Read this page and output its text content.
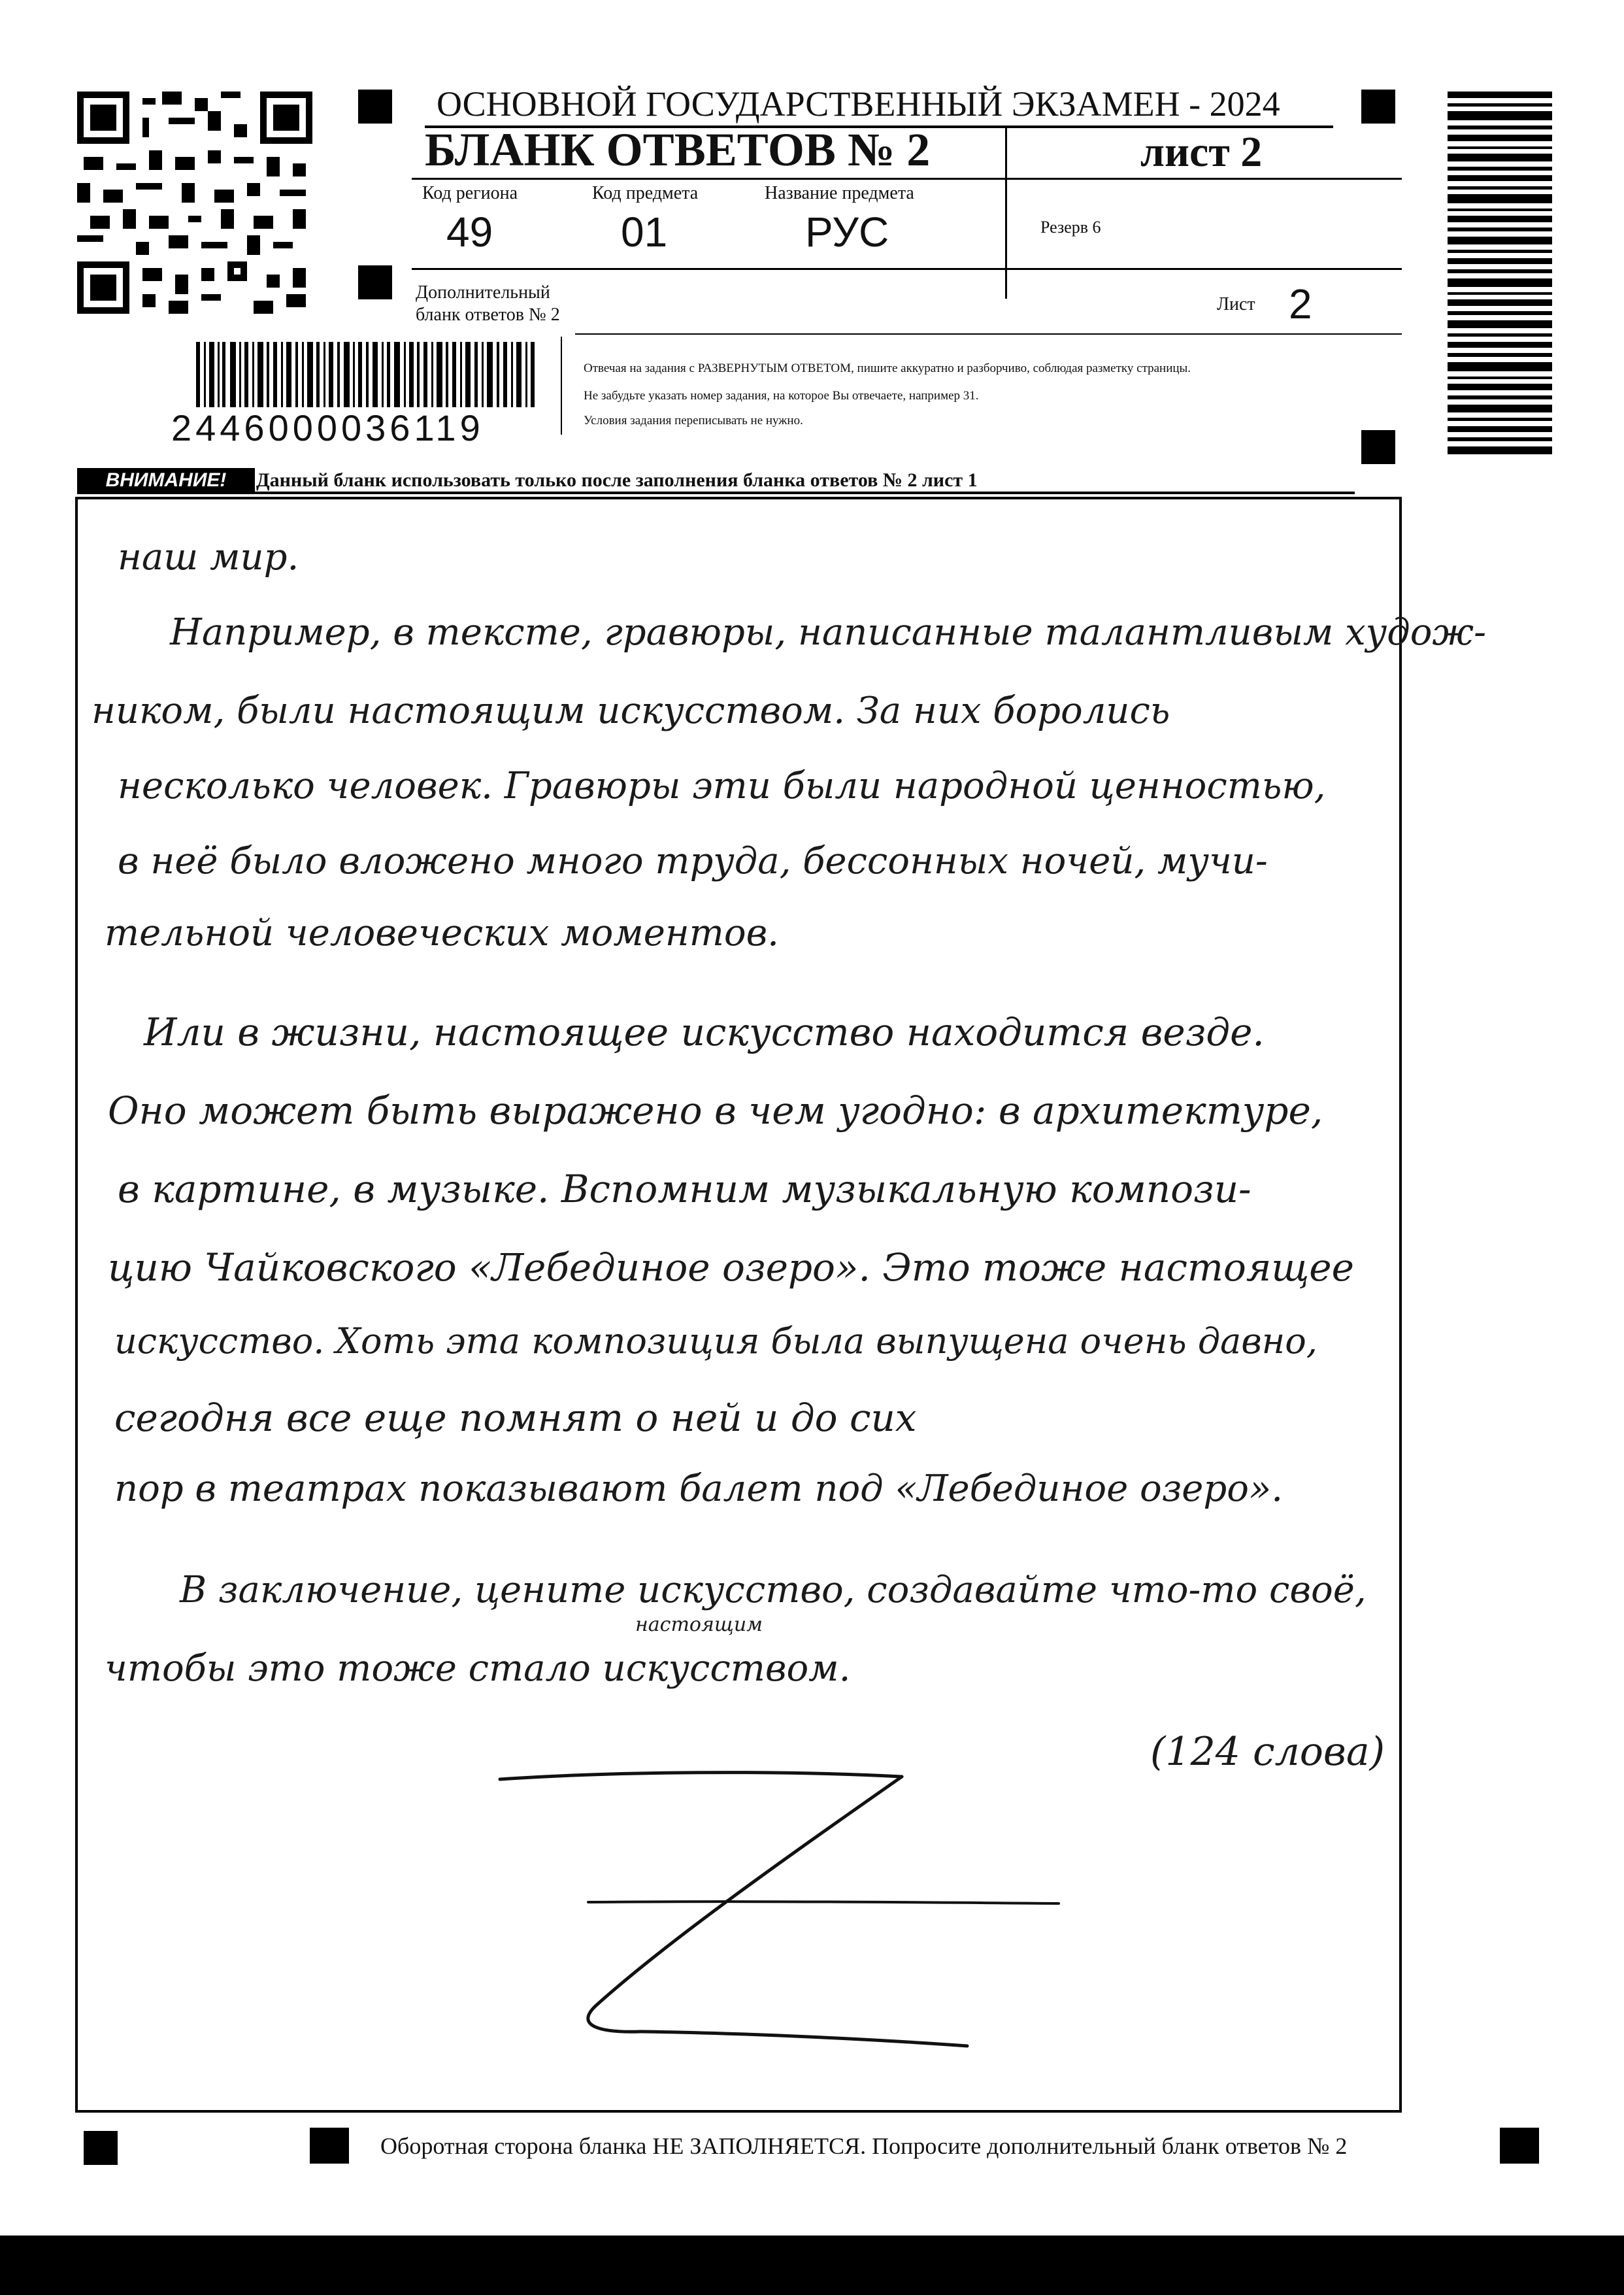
ОСНОВНОЙ ГОСУДАРСТВЕННЫЙ ЭКЗАМЕН - 2024
БЛАНК ОТВЕТОВ № 2	лист 2
Код региона
49
Код предмета
01
Название предмета
РУС	Резерв 6
Дополнительный
бланк ответов № 2
Лист 2
2446000036119
Отвечая на задания с РАЗВЕРНУТЫМ ОТВЕТОМ, пишите аккуратно и разборчиво, соблюдая разметку страницы.
Не забудьте указать номер задания, на которое Вы отвечаете, например 31.
Условия задания переписывать не нужно.
ВНИМАНИЕ!	Данный бланк использовать только после заполнения бланка ответов № 2 лист 1
наш мир.
Например, в тексте, гравюры, написанные талантливым худож-
ником, были настоящим искусством. За них боролись
несколько человек. Гравюры эти были народной ценностью,
в неё было вложено много труда, бессонных ночей, мучи-
тельной человеческих моментов.
Или в жизни, настоящее искусство находится везде.
Оно может быть выражено в чем угодно: в архитектуре,
в картине, в музыке. Вспомним музыкальную компози-
цию Чайковского «Лебединое озеро». Это тоже настоящее
искусство. Хоть эта композиция была выпущена очень давно,
сегодня все еще помнят о ней и до сих
пор в театрах показывают балет под «Лебединое озеро».
В заключение, цените искусство, создавайте что-то своё,
настоящим
чтобы это тоже стало искусством.
(124 слова)
Оборотная сторона бланка НЕ ЗАПОЛНЯЕТСЯ. Попросите дополнительный бланк ответов № 2
